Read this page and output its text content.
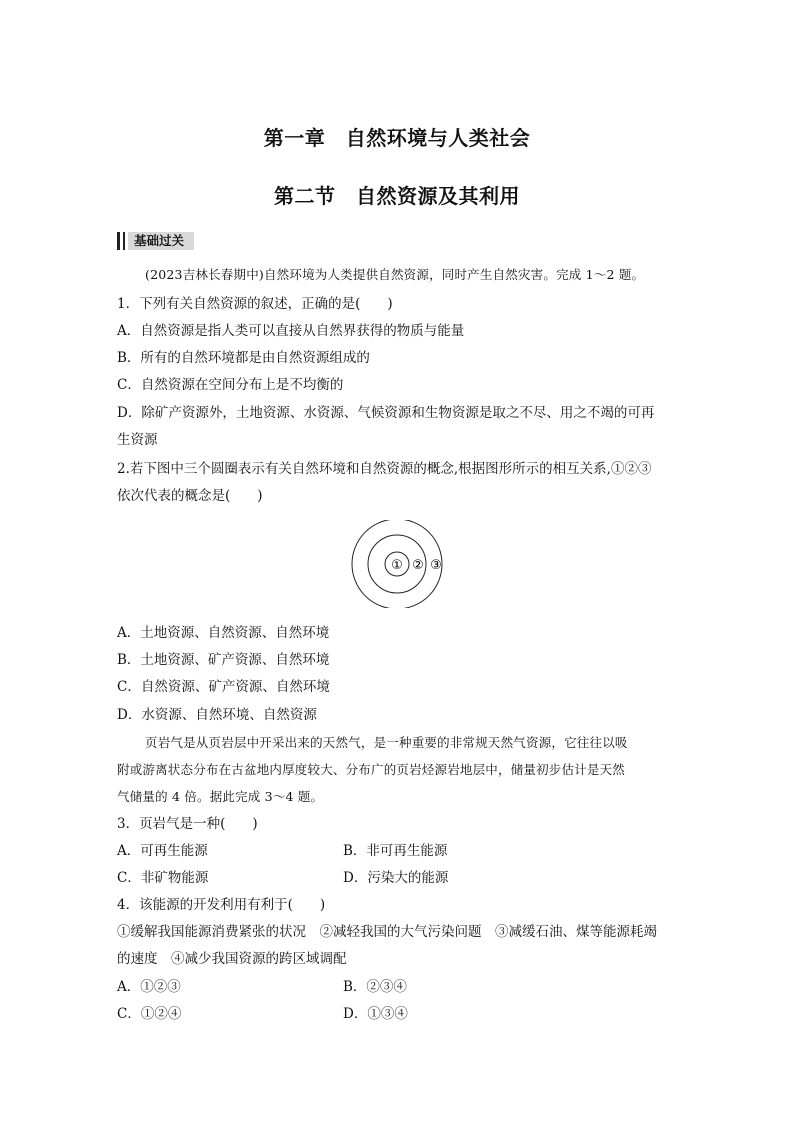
第一章　自然环境与人类社会
第二节　自然资源及其利用
基础过关
(2023吉林长春期中)自然环境为人类提供自然资源，同时产生自然灾害。完成 1～2 题。
1．下列有关自然资源的叙述，正确的是(　　)
A．自然资源是指人类可以直接从自然界获得的物质与能量
B．所有的自然环境都是由自然资源组成的
C．自然资源在空间分布上是不均衡的
D．除矿产资源外，土地资源、水资源、气候资源和生物资源是取之不尽、用之不竭的可再
生资源
2.若下图中三个圆圈表示有关自然环境和自然资源的概念,根据图形所示的相互关系,①②③
依次代表的概念是(　　)
① ② ③
A．土地资源、自然资源、自然环境
B．土地资源、矿产资源、自然环境
C．自然资源、矿产资源、自然环境
D．水资源、自然环境、自然资源
页岩气是从页岩层中开采出来的天然气，是一种重要的非常规天然气资源，它往往以吸
附或游离状态分布在古盆地内厚度较大、分布广的页岩烃源岩地层中，储量初步估计是天然
气储量的 4 倍。据此完成 3～4 题。
3．页岩气是一种(　　)
A．可再生能源	B．非可再生能源
C．非矿物能源	D．污染大的能源
4．该能源的开发利用有利于(　　)
①缓解我国能源消费紧张的状况　②减轻我国的大气污染问题　③减缓石油、煤等能源耗竭
的速度　④减少我国资源的跨区域调配
A．①②③	B．②③④
C．①②④	D．①③④
